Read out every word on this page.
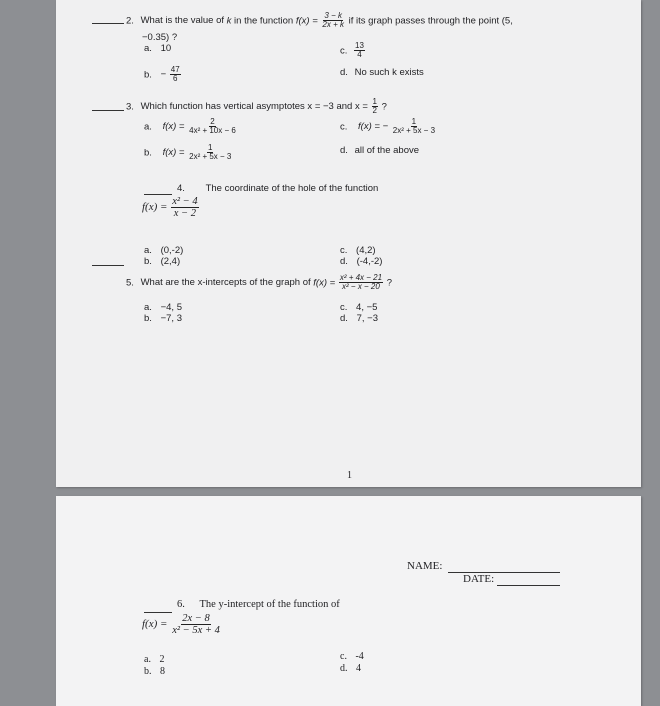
2. What is the value of k in the function $f(x) = \frac{3 - k}{2x + k}$ if its graph passes through the point (5,
−0.35) ?
a. 10	c. $\frac{13}{4}$
b. − $\frac{47}{6}$	d. No such k exists
3. Which function has vertical asymptotes x = −3 and $x = \frac{1}{2}$ ?
a. $f(x) = \frac{2}{\text{4x² + 10x − 6}}$	c. f(x) = − $\frac{1}{\text{2x² + 5x − 3}}$
b. $f(x) = \frac{1}{\text{2x² + 5x − 3}}$	d. all of the above
4. The coordinate of the hole of the function
$f(x) = \frac{\text{x² − 4}}{x - 2}$
a. (0,-2)
b. (2,4)
c. (4,2)
d. (-4,-2)
5. What are the x-intercepts of the graph of $f(x) = \frac{\text{x² + 4x − 21}}{\text{x² − x − 20}}$ ?
a. −4, 5
b. −7, 3
c. 4, −5
d. 7, −3
1
NAME:
DATE:
6. The y-intercept of the function of
$f(x) = \frac{2x - 8}{\text{x² − 5x + 4}}$
a. 2
b. 8
c. -4
d. 4
